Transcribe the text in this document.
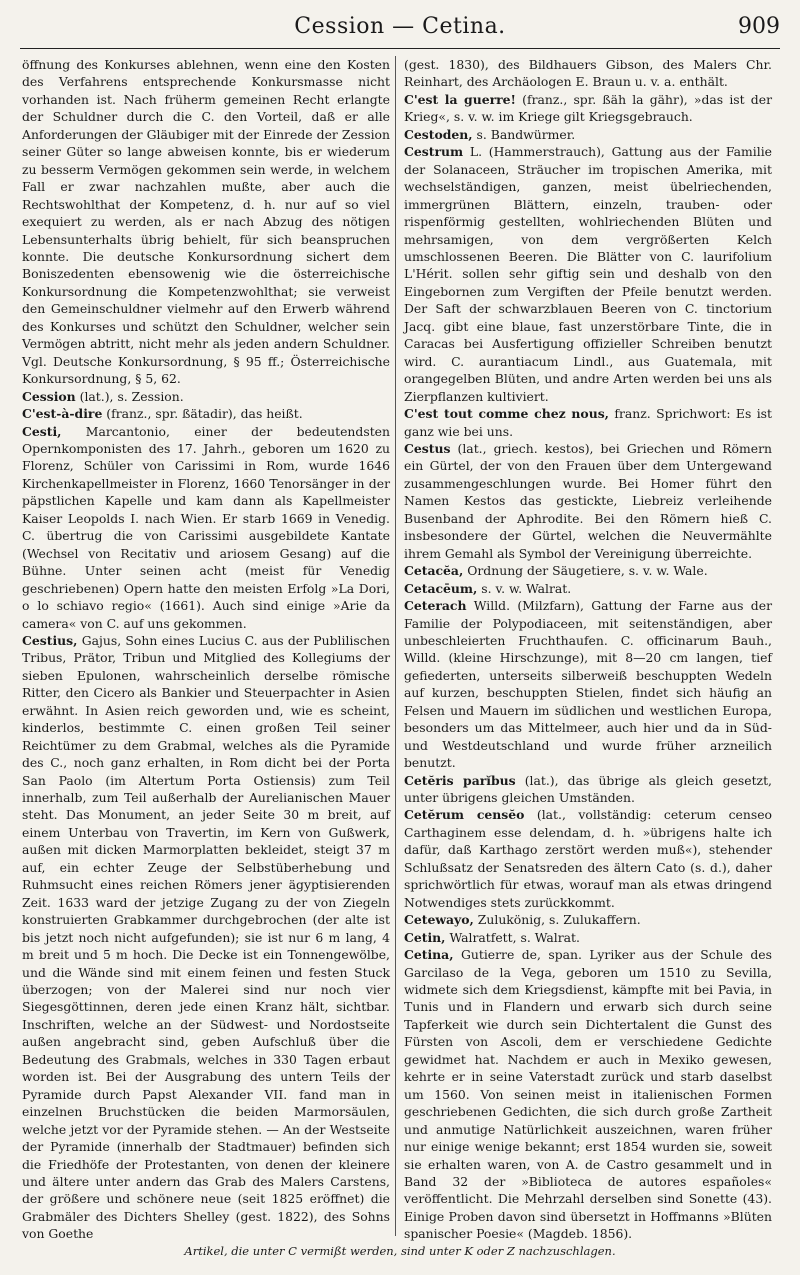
Cession — Cetina.	909

öffnung des Konkurses ablehnen, wenn eine den Kosten des Verfahrens entsprechende Konkursmasse nicht vorhanden ist. Nach früherm gemeinen Recht erlangte der Schuldner durch die C. den Vorteil, daß er alle Anforderungen der Gläubiger mit der Einrede der Zession seiner Güter so lange abweisen konnte, bis er wiederum zu besserm Vermögen gekommen sein werde, in welchem Fall er zwar nachzahlen mußte, aber auch die Rechtswohlthat der Kompetenz, d. h. nur auf so viel exequiert zu werden, als er nach Abzug des nötigen Lebensunterhalts übrig behielt, für sich beanspruchen konnte. Die deutsche Konkursordnung sichert dem Boniszedenten ebensowenig wie die österreichische Konkursordnung die Kompetenzwohlthat; sie verweist den Gemeinschuldner vielmehr auf den Erwerb während des Konkurses und schützt den Schuldner, welcher sein Vermögen abtritt, nicht mehr als jeden andern Schuldner. Vgl. Deutsche Konkursordnung, § 95 ff.; Österreichische Konkursordnung, § 5, 62.

Cession (lat.), s. Zession.

C'est-à-dire (franz., spr. ßätadir), das heißt.

Cesti, Marcantonio, einer der bedeutendsten Opernkomponisten des 17. Jahrh., geboren um 1620 zu Florenz, Schüler von Carissimi in Rom, wurde 1646 Kirchenkapellmeister in Florenz, 1660 Tenorsänger in der päpstlichen Kapelle und kam dann als Kapellmeister Kaiser Leopolds I. nach Wien. Er starb 1669 in Venedig. C. übertrug die von Carissimi ausgebildete Kantate (Wechsel von Recitativ und ariosem Gesang) auf die Bühne. Unter seinen acht (meist für Venedig geschriebenen) Opern hatte den meisten Erfolg »La Dori, o lo schiavo regio« (1661). Auch sind einige »Arie da camera« von C. auf uns gekommen.

Cestius, Gajus, Sohn eines Lucius C. aus der Publilischen Tribus, Prätor, Tribun und Mitglied des Kollegiums der sieben Epulonen, wahrscheinlich derselbe römische Ritter, den Cicero als Bankier und Steuerpachter in Asien erwähnt. In Asien reich geworden und, wie es scheint, kinderlos, bestimmte C. einen großen Teil seiner Reichtümer zu dem Grabmal, welches als die Pyramide des C., noch ganz erhalten, in Rom dicht bei der Porta San Paolo (im Altertum Porta Ostiensis) zum Teil innerhalb, zum Teil außerhalb der Aurelianischen Mauer steht. Das Monument, an jeder Seite 30 m breit, auf einem Unterbau von Travertin, im Kern von Gußwerk, außen mit dicken Marmorplatten bekleidet, steigt 37 m auf, ein echter Zeuge der Selbstüberhebung und Ruhmsucht eines reichen Römers jener ägyptisierenden Zeit. 1633 ward der jetzige Zugang zu der von Ziegeln konstruierten Grabkammer durchgebrochen (der alte ist bis jetzt noch nicht aufgefunden); sie ist nur 6 m lang, 4 m breit und 5 m hoch. Die Decke ist ein Tonnengewölbe, und die Wände sind mit einem feinen und festen Stuck überzogen; von der Malerei sind nur noch vier Siegesgöttinnen, deren jede einen Kranz hält, sichtbar. Inschriften, welche an der Südwest- und Nordostseite außen angebracht sind, geben Aufschluß über die Bedeutung des Grabmals, welches in 330 Tagen erbaut worden ist. Bei der Ausgrabung des untern Teils der Pyramide durch Papst Alexander VII. fand man in einzelnen Bruchstücken die beiden Marmorsäulen, welche jetzt vor der Pyramide stehen. — An der Westseite der Pyramide (innerhalb der Stadtmauer) befinden sich die Friedhöfe der Protestanten, von denen der kleinere und ältere unter andern das Grab des Malers Carstens, der größere und schönere neue (seit 1825 eröffnet) die Grabmäler des Dichters Shelley (gest. 1822), des Sohns von Goethe

(gest. 1830), des Bildhauers Gibson, des Malers Chr. Reinhart, des Archäologen E. Braun u. v. a. enthält.

C'est la guerre! (franz., spr. ßäh la gähr), »das ist der Krieg«, s. v. w. im Kriege gilt Kriegsgebrauch.

Cestoden, s. Bandwürmer.

Cestrum L. (Hammerstrauch), Gattung aus der Familie der Solanaceen, Sträucher im tropischen Amerika, mit wechselständigen, ganzen, meist übelriechenden, immergrünen Blättern, einzeln, trauben- oder rispenförmig gestellten, wohlriechenden Blüten und mehrsamigen, von dem vergrößerten Kelch umschlossenen Beeren. Die Blätter von C. laurifolium L'Hérit. sollen sehr giftig sein und deshalb von den Eingebornen zum Vergiften der Pfeile benutzt werden. Der Saft der schwarzblauen Beeren von C. tinctorium Jacq. gibt eine blaue, fast unzerstörbare Tinte, die in Caracas bei Ausfertigung offizieller Schreiben benutzt wird. C. aurantiacum Lindl., aus Guatemala, mit orangegelben Blüten, und andre Arten werden bei uns als Zierpflanzen kultiviert.

C'est tout comme chez nous, franz. Sprichwort: Es ist ganz wie bei uns.

Cestus (lat., griech. kestos), bei Griechen und Römern ein Gürtel, der von den Frauen über dem Untergewand zusammengeschlungen wurde. Bei Homer führt den Namen Kestos das gestickte, Liebreiz verleihende Busenband der Aphrodite. Bei den Römern hieß C. insbesondere der Gürtel, welchen die Neuvermählte ihrem Gemahl als Symbol der Vereinigung überreichte.

Cetacĕa, Ordnung der Säugetiere, s. v. w. Wale.

Cetacēum, s. v. w. Walrat.

Ceterach Willd. (Milzfarn), Gattung der Farne aus der Familie der Polypodiaceen, mit seitenständigen, aber unbeschleierten Fruchthaufen. C. officinarum Bauh., Willd. (kleine Hirschzunge), mit 8—20 cm langen, tief gefiederten, unterseits silberweiß beschuppten Wedeln auf kurzen, beschuppten Stielen, findet sich häufig an Felsen und Mauern im südlichen und westlichen Europa, besonders um das Mittelmeer, auch hier und da in Süd- und Westdeutschland und wurde früher arzneilich benutzt.

Cetĕris parĭbus (lat.), das übrige als gleich gesetzt, unter übrigens gleichen Umständen.

Cetĕrum censĕo (lat., vollständig: ceterum censeo Carthaginem esse delendam, d. h. »übrigens halte ich dafür, daß Karthago zerstört werden muß«), stehender Schlußsatz der Senatsreden des ältern Cato (s. d.), daher sprichwörtlich für etwas, worauf man als etwas dringend Notwendiges stets zurückkommt.

Cetewayo, Zulukönig, s. Zulukaffern.

Cetin, Walratfett, s. Walrat.

Cetina, Gutierre de, span. Lyriker aus der Schule des Garcilaso de la Vega, geboren um 1510 zu Sevilla, widmete sich dem Kriegsdienst, kämpfte mit bei Pavia, in Tunis und in Flandern und erwarb sich durch seine Tapferkeit wie durch sein Dichtertalent die Gunst des Fürsten von Ascoli, dem er verschiedene Gedichte gewidmet hat. Nachdem er auch in Mexiko gewesen, kehrte er in seine Vaterstadt zurück und starb daselbst um 1560. Von seinen meist in italienischen Formen geschriebenen Gedichten, die sich durch große Zartheit und anmutige Natürlichkeit auszeichnen, waren früher nur einige wenige bekannt; erst 1854 wurden sie, soweit sie erhalten waren, von A. de Castro gesammelt und in Band 32 der »Biblioteca de autores españoles« veröffentlicht. Die Mehrzahl derselben sind Sonette (43). Einige Proben davon sind übersetzt in Hoffmanns »Blüten spanischer Poesie« (Magdeb. 1856).

Artikel, die unter C vermißt werden, sind unter K oder Z nachzuschlagen.
